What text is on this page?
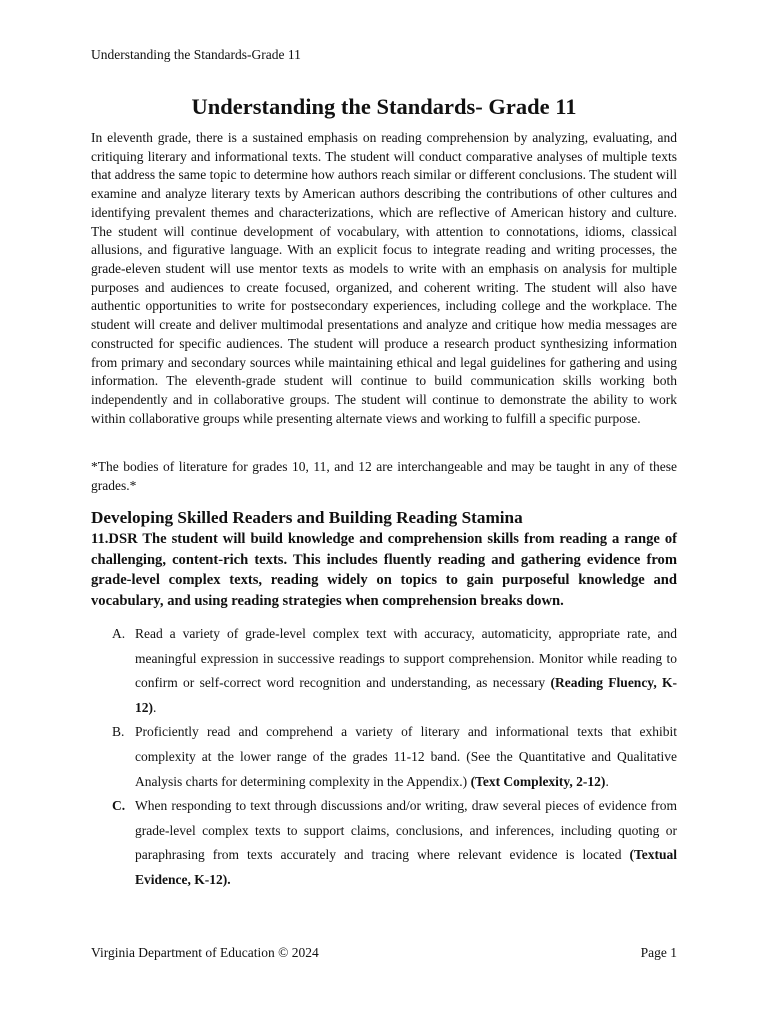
Understanding the Standards-Grade 11
Understanding the Standards- Grade 11

In eleventh grade, there is a sustained emphasis on reading comprehension by analyzing, evaluating, and critiquing literary and informational texts. The student will conduct comparative analyses of multiple texts that address the same topic to determine how authors reach similar or different conclusions. The student will examine and analyze literary texts by American authors describing the contributions of other cultures and identifying prevalent themes and characterizations, which are reflective of American history and culture. The student will continue development of vocabulary, with attention to connotations, idioms, classical allusions, and figurative language. With an explicit focus to integrate reading and writing processes, the grade-eleven student will use mentor texts as models to write with an emphasis on analysis for multiple purposes and audiences to create focused, organized, and coherent writing. The student will also have authentic opportunities to write for postsecondary experiences, including college and the workplace. The student will create and deliver multimodal presentations and analyze and critique how media messages are constructed for specific audiences. The student will produce a research product synthesizing information from primary and secondary sources while maintaining ethical and legal guidelines for gathering and using information. The eleventh-grade student will continue to build communication skills working both independently and in collaborative groups. The student will continue to demonstrate the ability to work within collaborative groups while presenting alternate views and working to fulfill a specific purpose.

*The bodies of literature for grades 10, 11, and 12 are interchangeable and may be taught in any of these grades.*

Developing Skilled Readers and Building Reading Stamina

11.DSR The student will build knowledge and comprehension skills from reading a range of challenging, content-rich texts. This includes fluently reading and gathering evidence from grade-level complex texts, reading widely on topics to gain purposeful knowledge and vocabulary, and using reading strategies when comprehension breaks down.

A. Read a variety of grade-level complex text with accuracy, automaticity, appropriate rate, and meaningful expression in successive readings to support comprehension. Monitor while reading to confirm or self-correct word recognition and understanding, as necessary (Reading Fluency, K-12).
B. Proficiently read and comprehend a variety of literary and informational texts that exhibit complexity at the lower range of the grades 11-12 band. (See the Quantitative and Qualitative Analysis charts for determining complexity in the Appendix.) (Text Complexity, 2-12).
C. When responding to text through discussions and/or writing, draw several pieces of evidence from grade-level complex texts to support claims, conclusions, and inferences, including quoting or paraphrasing from texts accurately and tracing where relevant evidence is located (Textual Evidence, K-12).
Virginia Department of Education © 2024	Page 1
